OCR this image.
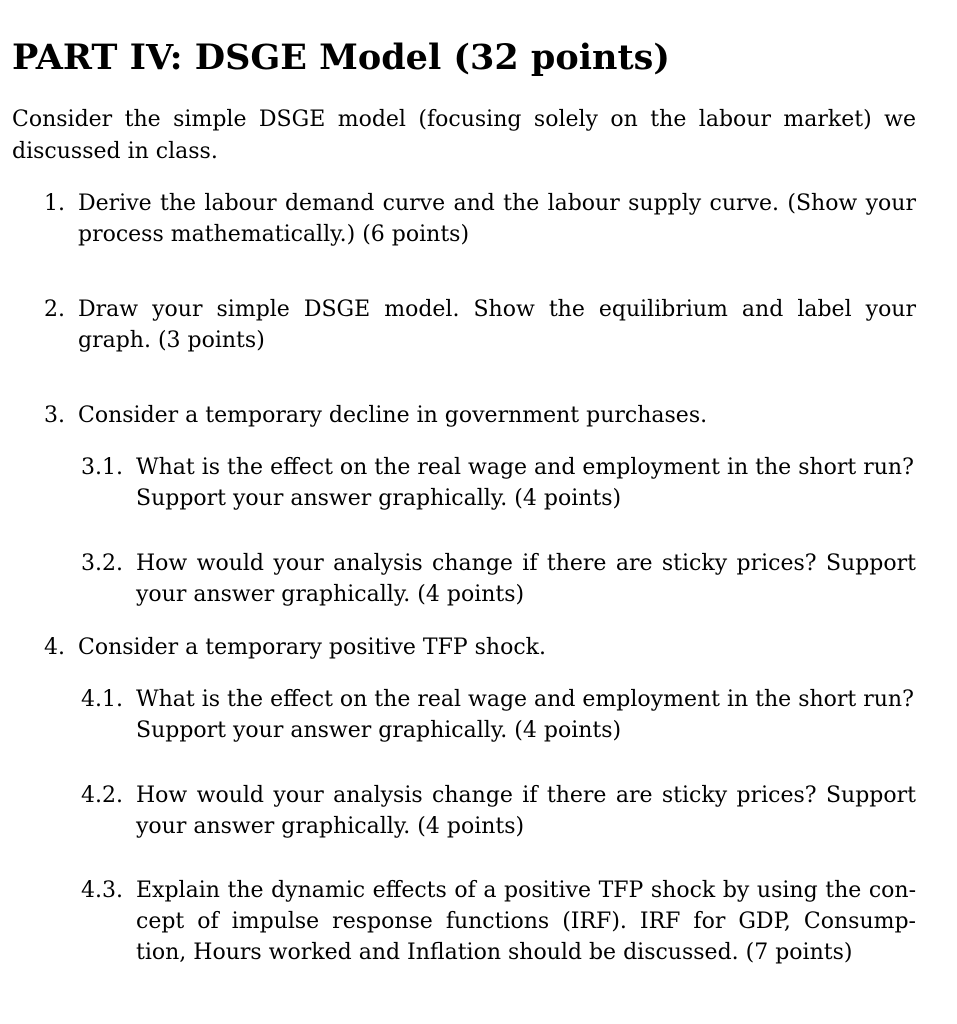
PART IV: DSGE Model (32 points)

Consider the simple DSGE model (focusing solely on the labour market) we discussed in class.

1. Derive the labour demand curve and the labour supply curve. (Show your
process mathematically.) (6 points)
2. Draw your simple DSGE model. Show the equilibrium and label your
graph. (3 points)
3. Consider a temporary decline in government purchases.
3.1. What is the effect on the real wage and employment in the short run?
Support your answer graphically. (4 points)
3.2. How would your analysis change if there are sticky prices? Support
your answer graphically. (4 points)
4. Consider a temporary positive TFP shock.
4.1. What is the effect on the real wage and employment in the short run?
Support your answer graphically. (4 points)
4.2. How would your analysis change if there are sticky prices? Support
your answer graphically. (4 points)
4.3. Explain the dynamic effects of a positive TFP shock by using the con-
cept of impulse response functions (IRF). IRF for GDP, Consump-
tion, Hours worked and Inflation should be discussed. (7 points)
